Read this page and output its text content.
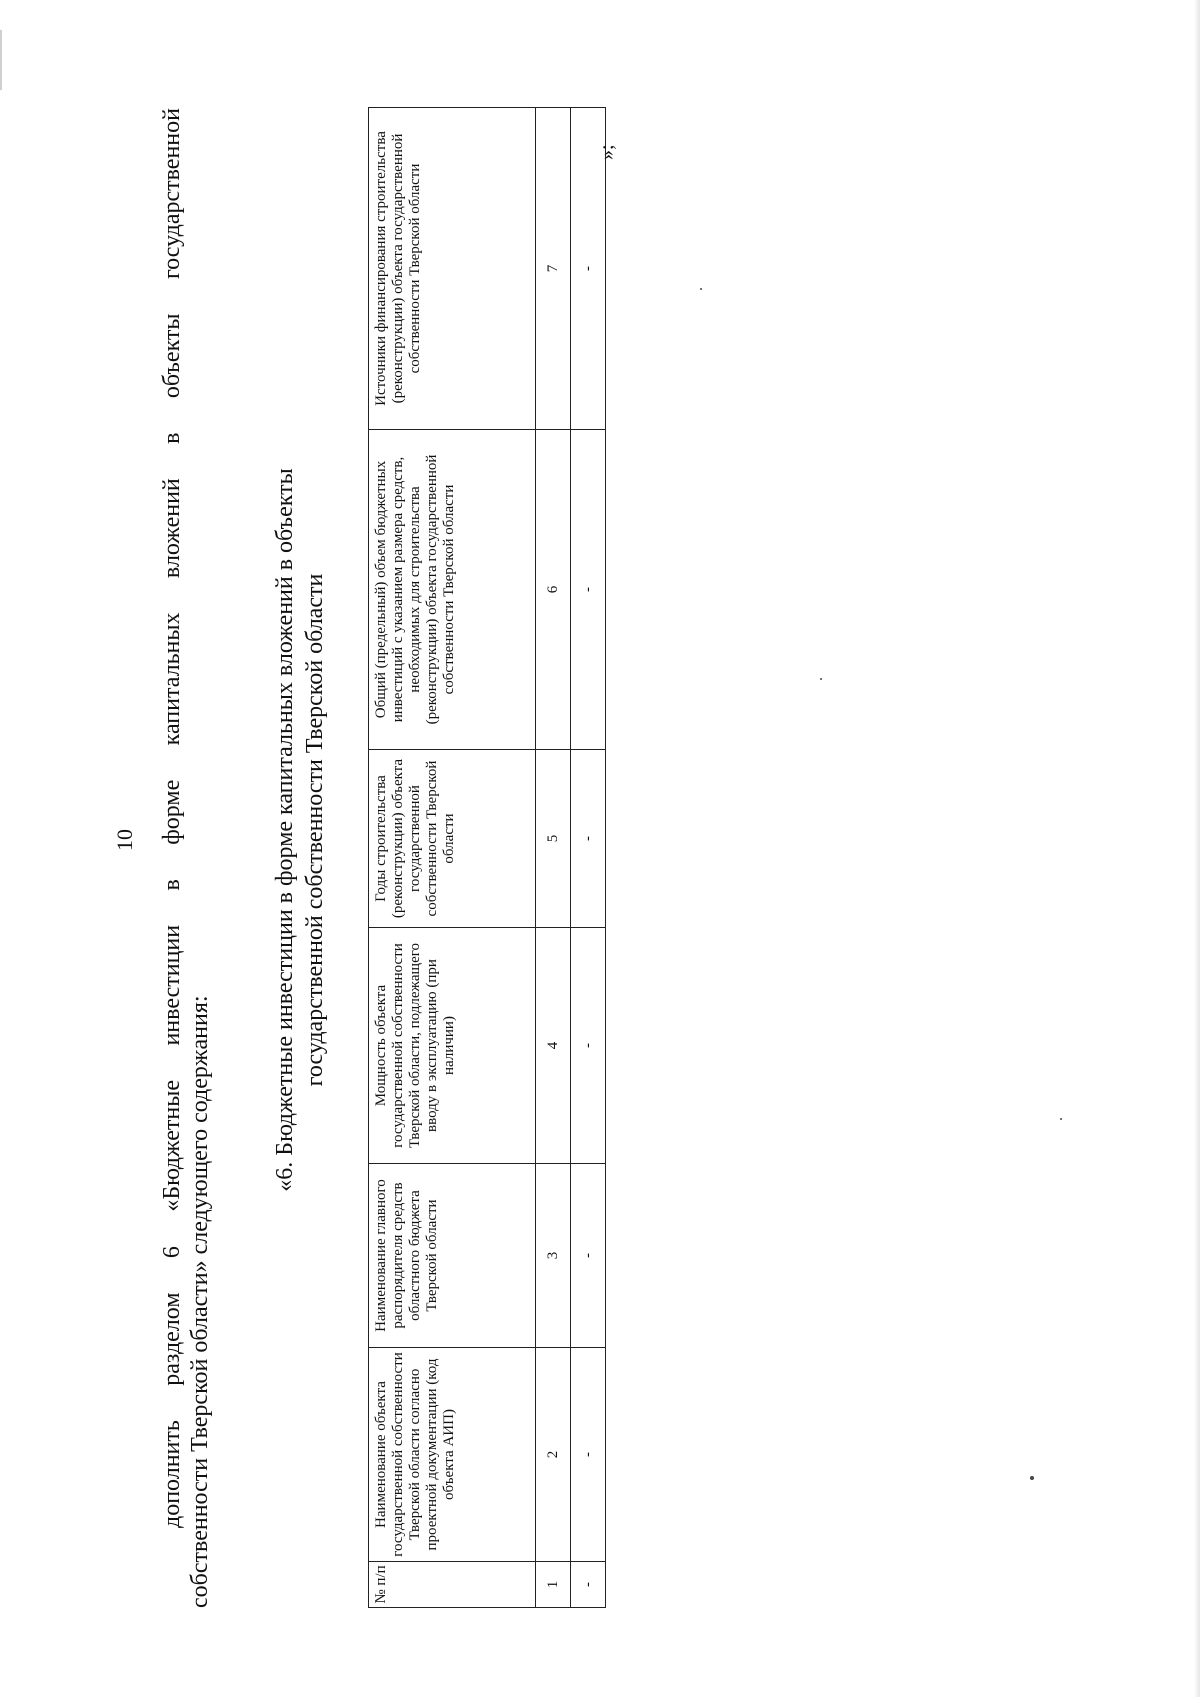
10 дополнить разделом 6 «Бюджетные инвестиции в форме капитальных вложений в объекты государственной собственности Тверской области» следующего содержания:
«6. Бюджетные инвестиции в форме капитальных вложений в объекты государственной собственности Тверской области
№ п/п	Наименование объекта государственной собственности Тверской области согласно проектной документации (код объекта АИП)	Наименование главного распорядителя средств областного бюджета Тверской области	Мощность объекта государственной собственности Тверской области, подлежащего вводу в эксплуатацию (при наличии)	Годы строительства (реконструкции) объекта государственной собственности Тверской области	Общий (предельный) объем бюджетных инвестиций с указанием размера средств, необходимых для строительства (реконструкции) объекта государственной собственности Тверской области	Источники финансирования строительства (реконструкции) объекта государственной собственности Тверской области
1	2	3	4	5	6	7
-	-	-	-	-	-	-
»;
